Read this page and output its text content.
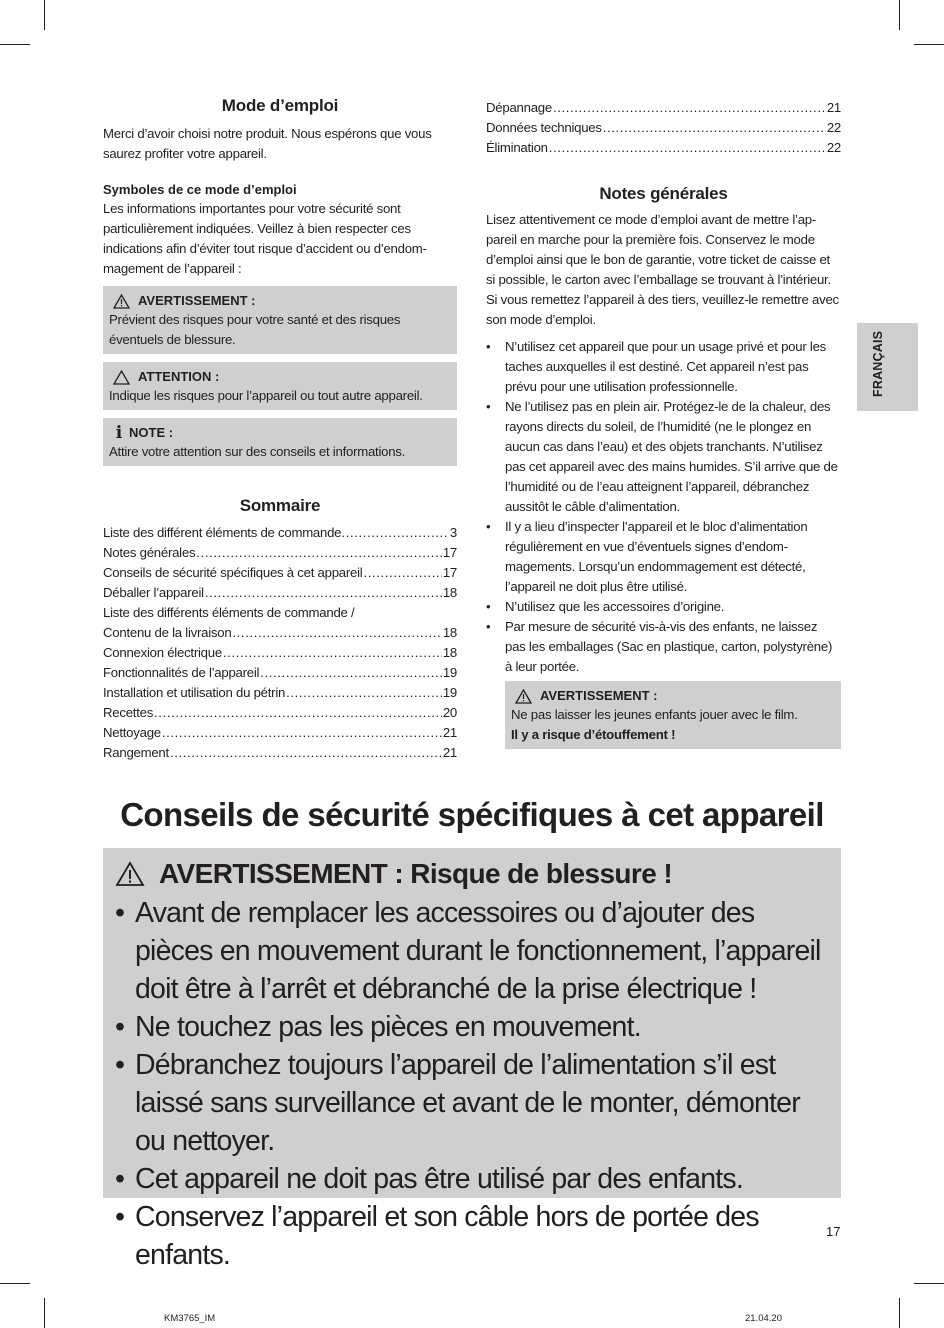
Mode d’emploi

Merci d’avoir choisi notre produit. Nous espérons que vous saurez profiter votre appareil.

Symboles de ce mode d’emploi

Les informations importantes pour votre sécurité sont particulièrement indiquées. Veillez à bien respecter ces indications afin d’éviter tout risque d’accident ou d’endommagement de l’appareil :

AVERTISSEMENT :

Prévient des risques pour votre santé et des risques éventuels de blessure.

ATTENTION :

Indique les risques pour l’appareil ou tout autre appareil.

i NOTE :

Attire votre attention sur des conseils et informations.

Sommaire
Liste des différent éléments de commande. .....	3
Notes générales .....	17
Conseils de sécurité spécifiques à cet appareil .....	17
Déballer l’appareil .....	18
Liste des différents éléments de commande /
Contenu de la livraison .....	18
Connexion électrique .....	18
Fonctionnalités de l’appareil .....	19
Installation et utilisation du pétrin .....	19
Recettes .....	20
Nettoyage .....	21
Rangement .....	21
Dépannage .....	21
Données techniques .....	22
Élimination .....	22
Notes générales

Lisez attentivement ce mode d’emploi avant de mettre l’appareil en marche pour la première fois. Conservez le mode d’emploi ainsi que le bon de garantie, votre ticket de caisse et si possible, le carton avec l’emballage se trouvant à l’intérieur. Si vous remettez l’appareil à des tiers, veuillez-le remettre avec son mode d’emploi.

• N’utilisez cet appareil que pour un usage privé et pour les taches auxquelles il est destiné. Cet appareil n’est pas prévu pour une utilisation professionnelle.
• Ne l’utilisez pas en plein air. Protégez-le de la chaleur, des rayons directs du soleil, de l’humidité (ne le plongez en aucun cas dans l’eau) et des objets tranchants. N’utilisez pas cet appareil avec des mains humides. S’il arrive que de l’humidité ou de l’eau atteignent l’appareil, débranchez aussitôt le câble d’alimentation.
• Il y a lieu d’inspecter l’appareil et le bloc d’alimentation régulièrement en vue d’éventuels signes d’endommagements. Lorsqu’un endommagement est détecté, l’appareil ne doit plus être utilisé.
• N’utilisez que les accessoires d’origine.
• Par mesure de sécurité vis-à-vis des enfants, ne laissez pas les emballages (Sac en plastique, carton, polystyrène) à leur portée.
AVERTISSEMENT :

Ne pas laisser les jeunes enfants jouer avec le film.

Il y a risque d’étouffement !

FRANÇAIS
Conseils de sécurité spécifiques à cet appareil
AVERTISSEMENT : Risque de blessure !
• Avant de remplacer les accessoires ou d’ajouter des pièces en mouvement durant le fonctionnement, l’appareil doit être à l’arrêt et débranché de la prise électrique !
• Ne touchez pas les pièces en mouvement.
• Débranchez toujours l’appareil de l’alimentation s’il est laissé sans surveillance et avant de le monter, démonter ou nettoyer.
• Cet appareil ne doit pas être utilisé par des enfants.
• Conservez l’appareil et son câble hors de portée des enfants.
17
KM3765_IM	21.04.20
